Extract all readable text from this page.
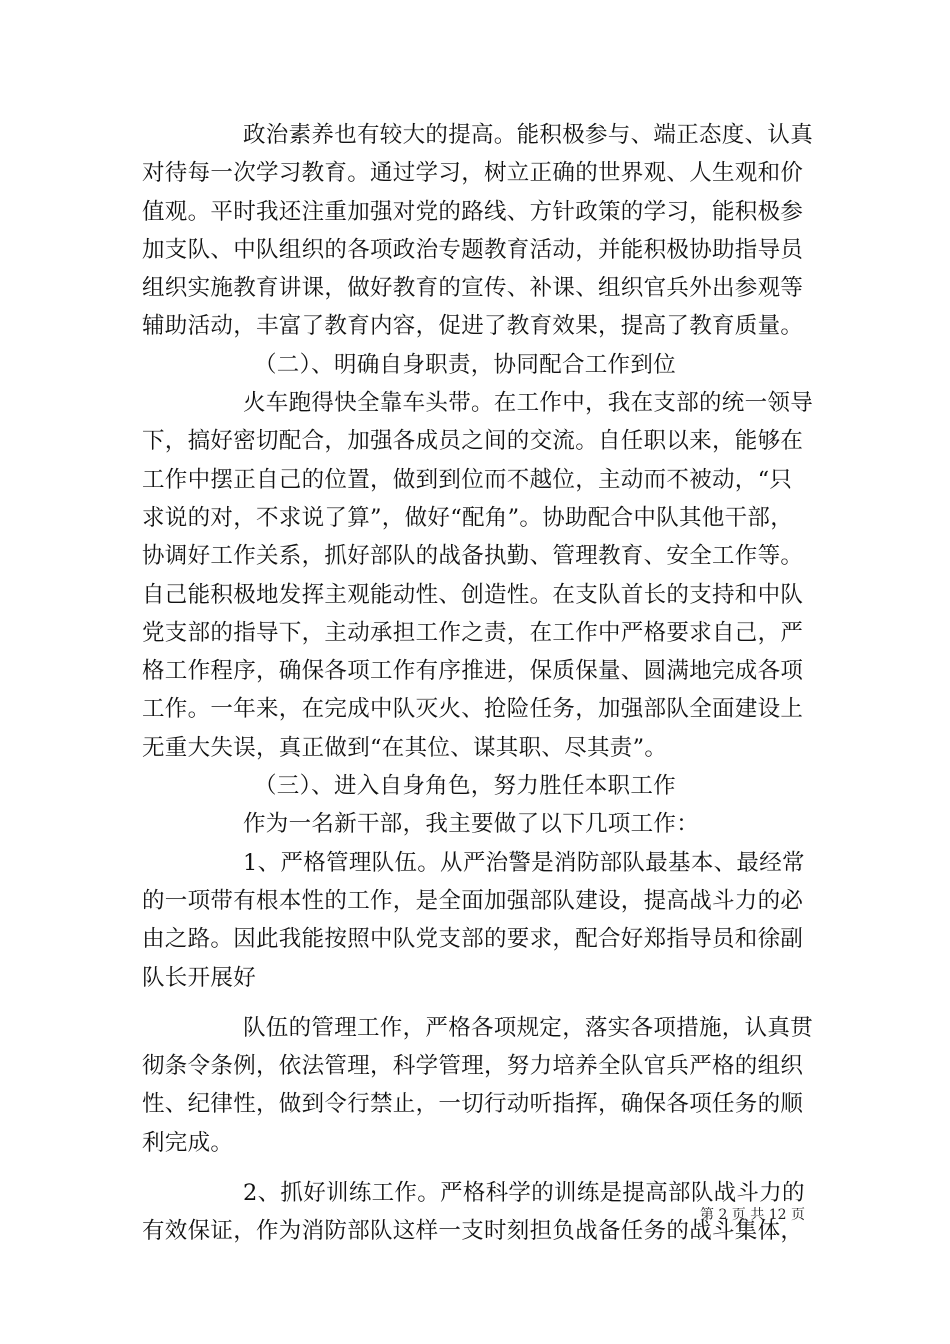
政治素养也有较大的提高。能积极参与、端正态度、认真
对待每一次学习教育。通过学习，树立正确的世界观、人生观和价
值观。平时我还注重加强对党的路线、方针政策的学习，能积极参
加支队、中队组织的各项政治专题教育活动，并能积极协助指导员
组织实施教育讲课，做好教育的宣传、补课、组织官兵外出参观等
辅助活动，丰富了教育内容，促进了教育效果，提高了教育质量。
（二）、明确自身职责，协同配合工作到位
火车跑得快全靠车头带。在工作中，我在支部的统一领导
下，搞好密切配合，加强各成员之间的交流。自任职以来，能够在
工作中摆正自己的位置，做到到位而不越位，主动而不被动，“只
求说的对，不求说了算”，做好“配角”。协助配合中队其他干部，
协调好工作关系，抓好部队的战备执勤、管理教育、安全工作等。
自己能积极地发挥主观能动性、创造性。在支队首长的支持和中队
党支部的指导下，主动承担工作之责，在工作中严格要求自己，严
格工作程序，确保各项工作有序推进，保质保量、圆满地完成各项
工作。一年来，在完成中队灭火、抢险任务，加强部队全面建设上
无重大失误，真正做到“在其位、谋其职、尽其责”。
（三）、进入自身角色，努力胜任本职工作
作为一名新干部，我主要做了以下几项工作：
1、严格管理队伍。从严治警是消防部队最基本、最经常
的一项带有根本性的工作，是全面加强部队建设，提高战斗力的必
由之路。因此我能按照中队党支部的要求，配合好郑指导员和徐副
队长开展好
队伍的管理工作，严格各项规定，落实各项措施，认真贯
彻条令条例，依法管理，科学管理，努力培养全队官兵严格的组织
性、纪律性，做到令行禁止，一切行动听指挥，确保各项任务的顺
利完成。
2、抓好训练工作。严格科学的训练是提高部队战斗力的
有效保证，作为消防部队这样一支时刻担负战备任务的战斗集体，
第 2 页 共 12 页
